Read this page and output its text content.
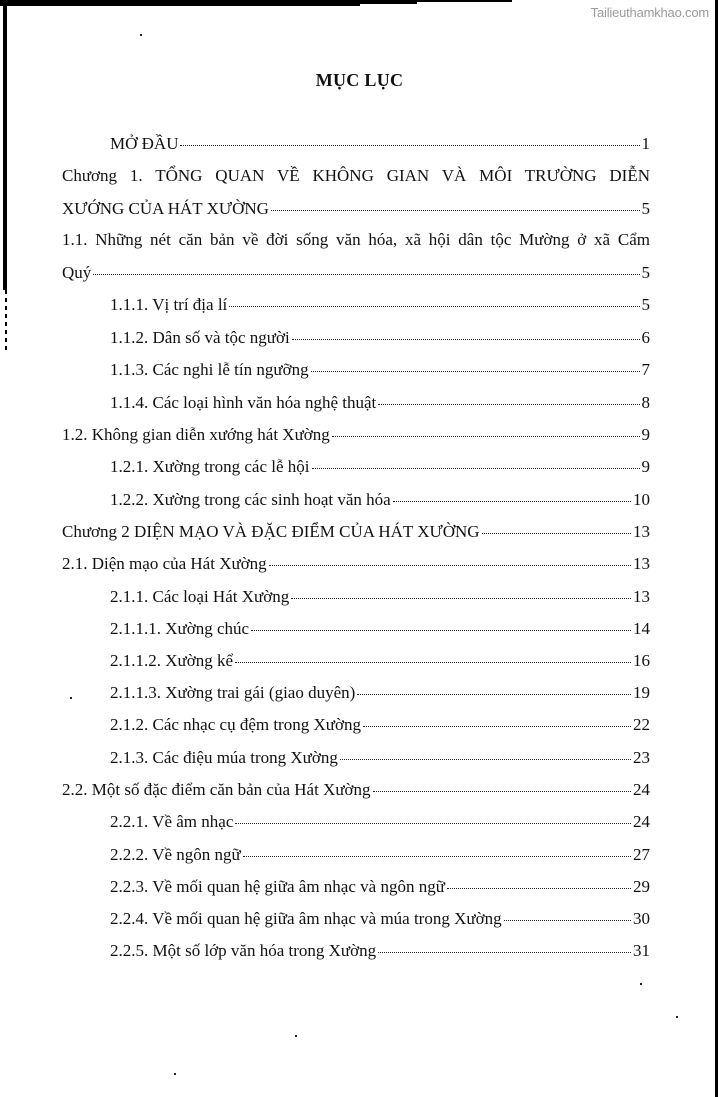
Tailieuthamkhao.com
MỤC LỤC
MỞ ĐẦU	1
Chương 1. TỔNG QUAN VỀ KHÔNG GIAN VÀ MÔI TRƯỜNG DIỄN
XƯỚNG CỦA HÁT XƯỜNG	5
1.1. Những nét căn bản về đời sống văn hóa, xã hội dân tộc Mường ở xã Cẩm
Quý	5
1.1.1. Vị trí địa lí	5
1.1.2. Dân số và tộc người	6
1.1.3. Các nghi lễ tín ngưỡng	7
1.1.4. Các loại hình văn hóa nghệ thuật	8
1.2. Không gian diễn xướng hát Xường	9
1.2.1. Xường trong các lễ hội	9
1.2.2. Xường trong các sinh hoạt văn hóa	10
Chương 2 DIỆN MẠO VÀ ĐẶC ĐIỂM CỦA HÁT XƯỜNG	13
2.1. Diện mạo của Hát Xường	13
2.1.1. Các loại Hát Xường	13
2.1.1.1. Xường chúc	14
2.1.1.2. Xường kể	16
2.1.1.3. Xường trai gái (giao duyên)	19
2.1.2. Các nhạc cụ đệm trong Xường	22
2.1.3. Các điệu múa trong Xường	23
2.2. Một số đặc điểm căn bản của Hát Xường	24
2.2.1. Về âm nhạc	24
2.2.2. Về ngôn ngữ	27
2.2.3. Về mối quan hệ giữa âm nhạc và ngôn ngữ	29
2.2.4. Về mối quan hệ giữa âm nhạc và múa trong Xường	30
2.2.5. Một số lớp văn hóa trong Xường	31
